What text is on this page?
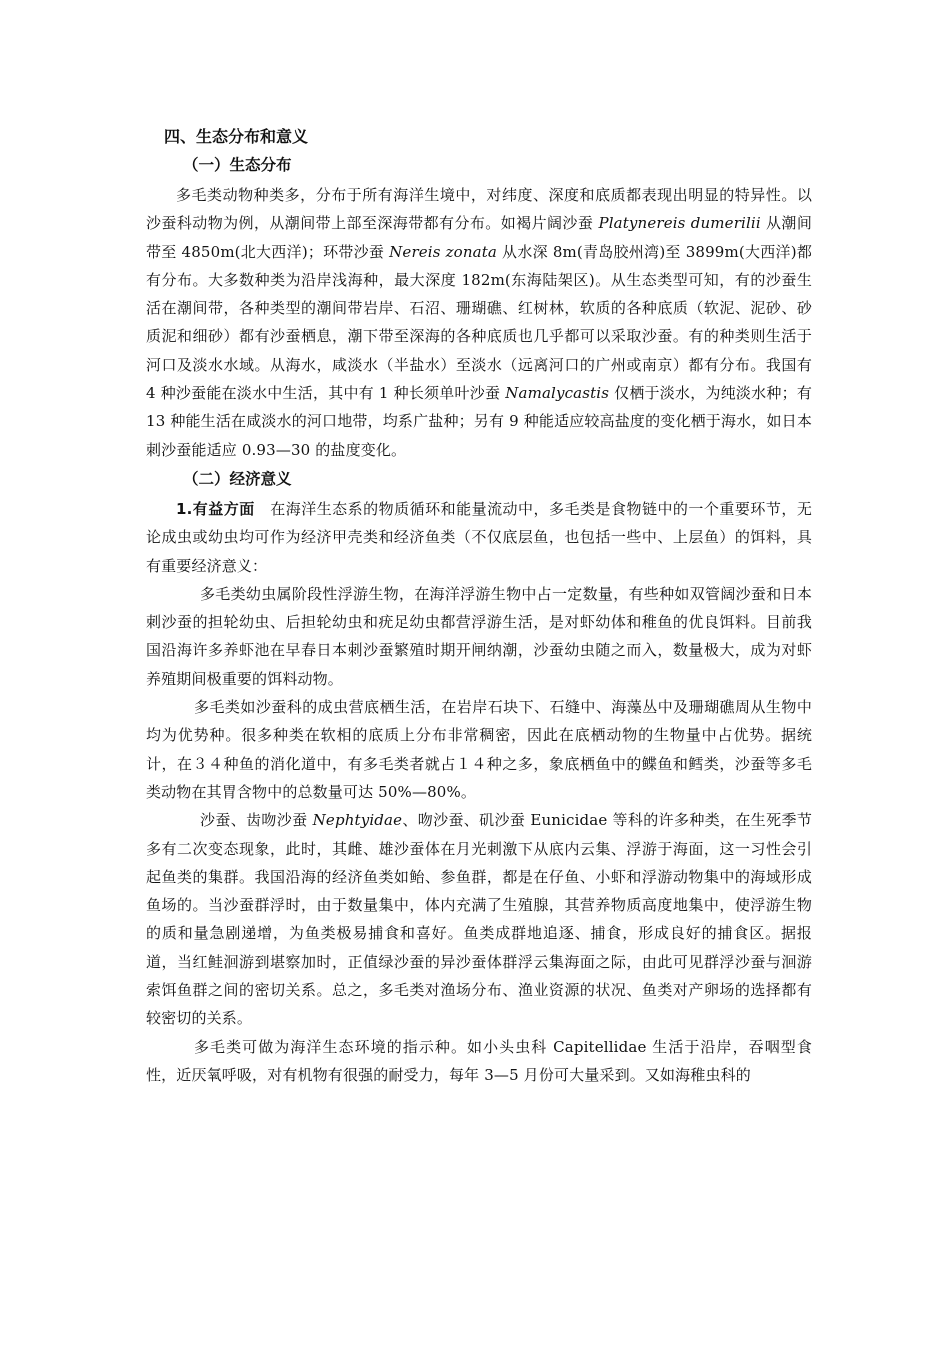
四、生态分布和意义

（一）生态分布

多毛类动物种类多，分布于所有海洋生境中，对纬度、深度和底质都表现出明显的特异性。以沙蚕科动物为例，从潮间带上部至深海带都有分布。如褐片阔沙蚕 Platynereis dumerilii 从潮间带至 4850m(北大西洋)；环带沙蚕 Nereis zonata 从水深 8m(青岛胶州湾)至 3899m(大西洋)都有分布。大多数种类为沿岸浅海种，最大深度 182m(东海陆架区)。从生态类型可知，有的沙蚕生活在潮间带，各种类型的潮间带岩岸、石沼、珊瑚礁、红树林，软质的各种底质（软泥、泥砂、砂质泥和细砂）都有沙蚕栖息，潮下带至深海的各种底质也几乎都可以采取沙蚕。有的种类则生活于河口及淡水水域。从海水，咸淡水（半盐水）至淡水（远离河口的广州或南京）都有分布。我国有 4 种沙蚕能在淡水中生活，其中有 1 种长须单叶沙蚕 Namalycastis 仅栖于淡水，为纯淡水种；有 13 种能生活在咸淡水的河口地带，均系广盐种；另有 9 种能适应较高盐度的变化栖于海水，如日本刺沙蚕能适应 0.93—30 的盐度变化。

（二）经济意义

1.有益方面　在海洋生态系的物质循环和能量流动中，多毛类是食物链中的一个重要环节，无论成虫或幼虫均可作为经济甲壳类和经济鱼类（不仅底层鱼，也包括一些中、上层鱼）的饵料，具有重要经济意义：

多毛类幼虫属阶段性浮游生物，在海洋浮游生物中占一定数量，有些种如双管阔沙蚕和日本刺沙蚕的担轮幼虫、后担轮幼虫和疣足幼虫都营浮游生活，是对虾幼体和稚鱼的优良饵料。目前我国沿海许多养虾池在早春日本刺沙蚕繁殖时期开闸纳潮，沙蚕幼虫随之而入，数量极大，成为对虾养殖期间极重要的饵料动物。

多毛类如沙蚕科的成虫营底栖生活，在岩岸石块下、石缝中、海藻丛中及珊瑚礁周从生物中均为优势种。很多种类在软相的底质上分布非常稠密，因此在底栖动物的生物量中占优势。据统计，在３４种鱼的消化道中，有多毛类者就占１４种之多，象底栖鱼中的鲽鱼和鳕类，沙蚕等多毛类动物在其胃含物中的总数量可达 50%—80%。

沙蚕、齿吻沙蚕 Nephtyidae、吻沙蚕、矶沙蚕 Eunicidae 等科的许多种类，在生死季节多有二次变态现象，此时，其雌、雄沙蚕体在月光刺激下从底内云集、浮游于海面，这一习性会引起鱼类的集群。我国沿海的经济鱼类如鲐、参鱼群，都是在仔鱼、小虾和浮游动物集中的海域形成鱼场的。当沙蚕群浮时，由于数量集中，体内充满了生殖腺，其营养物质高度地集中，使浮游生物的质和量急剧递增，为鱼类极易捕食和喜好。鱼类成群地追逐、捕食，形成良好的捕食区。据报道，当红鲑洄游到堪察加时，正值绿沙蚕的异沙蚕体群浮云集海面之际，由此可见群浮沙蚕与洄游索饵鱼群之间的密切关系。总之，多毛类对渔场分布、渔业资源的状况、鱼类对产卵场的选择都有较密切的关系。

多毛类可做为海洋生态环境的指示种。如小头虫科 Capitellidae 生活于沿岸，吞咽型食性，近厌氧呼吸，对有机物有很强的耐受力，每年 3—5 月份可大量采到。又如海稚虫科的
